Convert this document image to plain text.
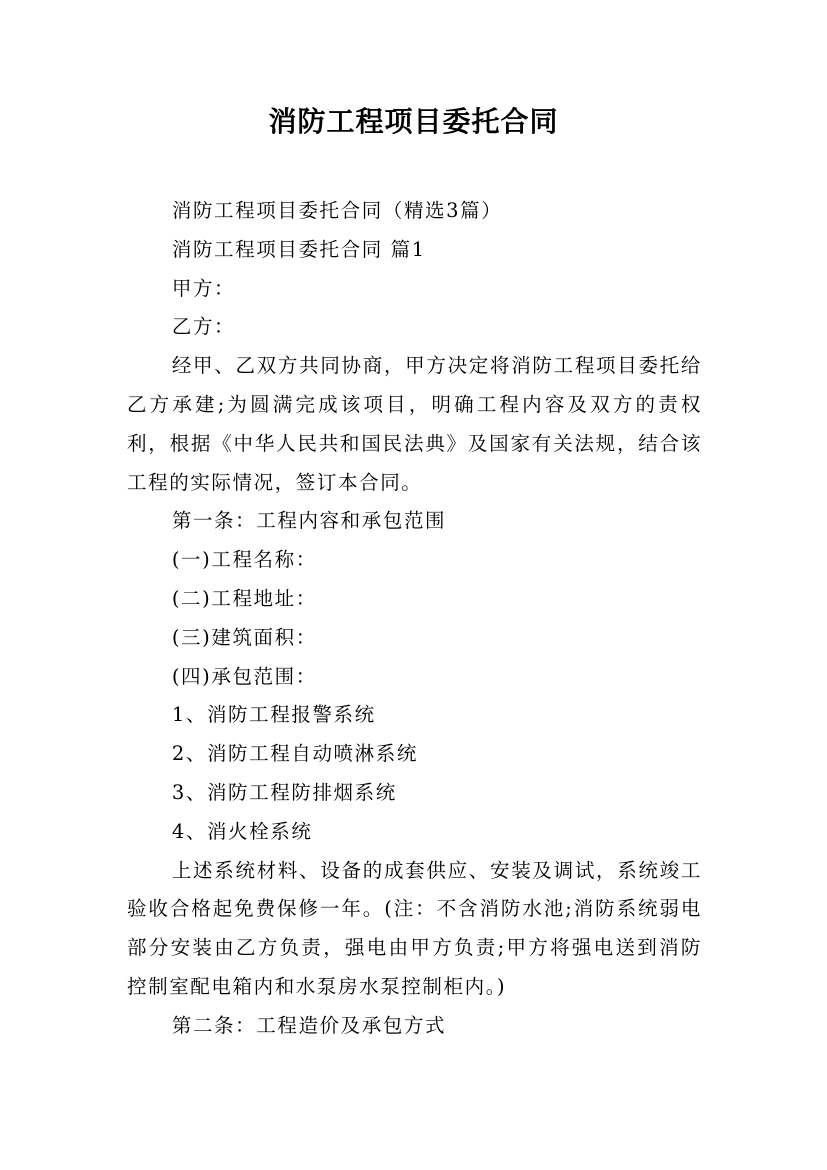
消防工程项目委托合同

消防工程项目委托合同（精选3篇）

消防工程项目委托合同 篇1

甲方：

乙方：

经甲、乙双方共同协商，甲方决定将消防工程项目委托给乙方承建;为圆满完成该项目，明确工程内容及双方的责权利，根据《中华人民共和国民法典》及国家有关法规，结合该工程的实际情况，签订本合同。

第一条：工程内容和承包范围

(一)工程名称：

(二)工程地址：

(三)建筑面积：

(四)承包范围：

1、消防工程报警系统

2、消防工程自动喷淋系统

3、消防工程防排烟系统

4、消火栓系统

上述系统材料、设备的成套供应、安装及调试，系统竣工验收合格起免费保修一年。(注：不含消防水池;消防系统弱电部分安装由乙方负责，强电由甲方负责;甲方将强电送到消防控制室配电箱内和水泵房水泵控制柜内。)

第二条：工程造价及承包方式
